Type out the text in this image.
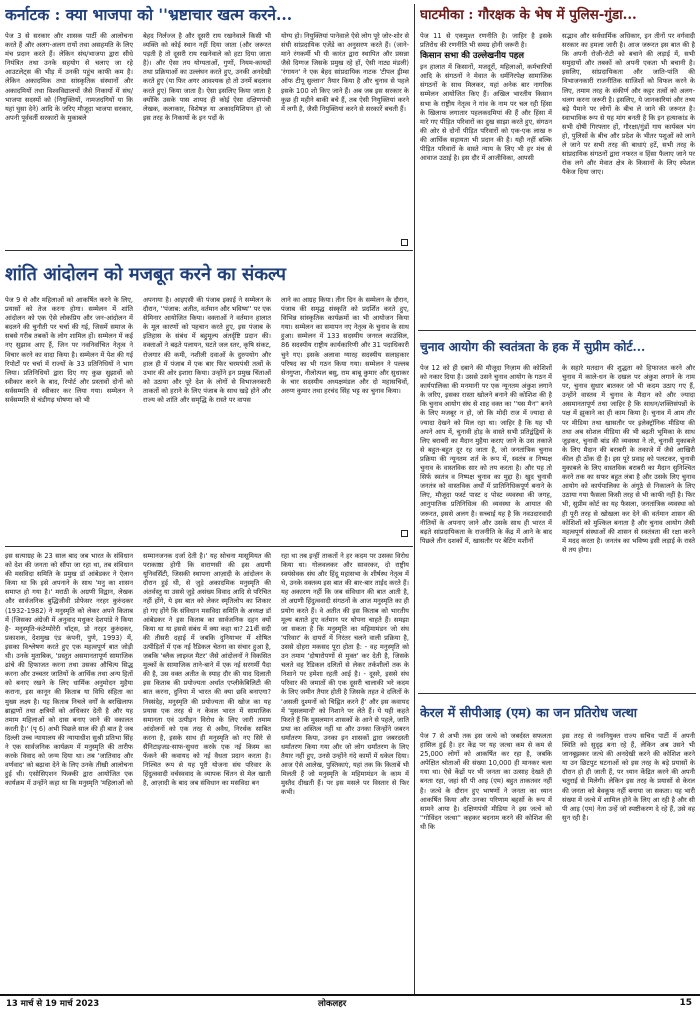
कर्नाटक : क्या भाजपा को ''भ्रष्टाचार खत्म करने...
पेज 3 से सरकार और शासक पार्टी की आलोचना करते हैं और अलग-अलग रायों तथा असहमति के लिए मंच प्रदान करते हैं। लेकिन संघ/भाजपा द्वारा सीधे नियंत्रित तथा उनके सहयोग से चलाए जा रहे आउटलेट्स की भीड़ में उनकी पहुंच काफी कम है। लेकिन अकादमिक तथा सांस्कृतिक संस्थानों और अकादमियों तथा विश्वविद्यालयों जैसे निकायों में संघ/भाजपा सदस्यों को (नियुक्तियों, नामजदगियों या कि यहां घुसा देने) आदि के जरिए मौजूदा भाजपा सरकार, अपनी पूर्ववर्ती सरकारों के मुकाबले
बेहद निर्लज्ज है और दूसरी राय रखनेवाले किसी भी व्यक्ति को कोई स्थान नहीं दिया जाता (और जरूरत पड़ती है तो दूसरी राय रखनेवाले को हटा दिया जाता है)। और ऐसा तय योग्यताओं, गुणों, नियम-कायदों तथा प्रक्रियाओं का उल्लंघन करते हुए, उनकी अनदेखी करते हुए (या फिर अगर आवश्यक हो तो उनमें बदलाव करते हुए) किया जाता है। ऐसा इसलिए किया जाता है क्योंकि उसके पास शायद ही कोई ऐसा दक्षिणपंथी लेखक, कलाकार, विशेषज्ञ या अकादमिशियन हो जो इस तरह के निकायों के इन पदों के
योग्य हो। नियुक्तियां पानेवाले ऐसे लोग पूरे जोर-शोर से संघी सांप्रदायिक एजेंडे का अनुसरण करते हैं। (जाने-माने रंगकर्मी भी यी कारंत द्वारा स्थापित और प्रसन्ना जैसे दिग्गज जिसके प्रमुख रहे हों, ऐसी नाट्य मंडली) 'रंगायन' ने एक बेहद सांप्रदायिक नाटक 'टीपल ड्रीम्स ऑफ टीपू सुल्तान' तैयार किया है और चुनाव से पहले इसके 100 शो किए जाने हैं। अब जब इस सरकार के कुछ ही महीने बाकी बचे हैं, तब ऐसी नियुक्तियां करने में लगी है, जैसी नियुक्तियां करने से सरकारें बचती हैं।
घाटमीका : गौरक्षक के भेष में पुलिस-गुंडा...

पेज 11 से एकमुश्त रणनीति है। जाहिर है इसके प्रतिरोध की रणनीति भी समग्र होनी जरूरी है।

किसान सभा की उल्लेखनीय पहल

इन हालात में किसानों, मजदूरों, महिलाओं, कर्मचारियों आदि के संगठनों ने मेवात के धर्मनिरपेक्ष सामाजिक संगठनों के साथ मिलकर, यहां अनेक बार नागरिक सम्मेलन आयोजित किए हैं। अखिल भारतीय किसान सभा के राष्ट्रीय नेतृत्व ने गांव के नाम पर चल रही हिंसा के खिलाफ लगातार पहलकदमियां की हैं और हिंसा में मारे गए पीड़ित परिवारों का दुख साझा करते हुए, संगठन की ओर से दोनों पीड़ित परिवारों को एक-एक लाख रु की आर्थिक सहायता भी प्रदान की है। यही नहीं बल्कि पीड़ित परिवारों के वास्ते न्याय के लिए भी हर मंच से आवाज उठाई है। इस दौर में आजीविका, आपसी

सद्भाव और सर्वधार्मिक अधिकार, इन तीनों पर वर्गवादी सरकार का हमला जारी है। आज जरूरत इस बात की है कि अपनी रोजी-रोटी को बचाने की लड़ाई में, सभी समुदायों और तबकों को अपनी एकता भी बचानी है। इसलिए, सांप्रदायिकता और जाति-पांति की विभाजनकारी राजनीतिक साजिशों को विफल करने के लिए, तमाम तरह के संकीर्ण और कट्टर तत्वों को अलग-थलग करना जरूरी है। इसलिए, ये जानकारियां और तथ्य बड़े पैमाने पर लोगों के बीच ले जाने की जरूरत है। स्वाभाविक रूप से यह मांग बनती है कि इन हत्याकांड के सभी दोषी गिरफ्तार हों, गौरक्षा/गुंडों गाय कार्यबल भंग हो, पुलिसों के बीच और प्रदेश के भीतर पशुओं को लाने ले जाने पर सभी तरह की बाधाएं हटें, सभी तरह के सांप्रदायिक संगठनों द्वारा नफरत व हिंसा फैलाए जाने पर रोक लगे और मेवात क्षेत्र के किसानों के लिए स्पेशल पैकेज दिया जाए।
शांति आंदोलन को मजबूत करने का संकल्प
पेज 9 से और महिलाओं को आकर्षित करने के लिए, प्रयासों को तेज करना होगा। सम्मेलन में शांति आंदोलन को एक ऐसे लोकप्रिय और जन-आंदोलन में बदलने की चुनौती पर चर्चा की गई, जिसमें समाज के सबसे गरीब तबकों के लोग शामिल हों। सम्मेलन में कई नए सुझाव आए हैं, जिन पर नवनिर्वाचित नेतृत्व ने विचार करने का वादा किया है। सम्मेलन में पेश की गई रिपोर्टों पर चर्चा में राज्यों के 33 प्रतिनिधियों ने भाग लिया। प्रतिनिधियों द्वारा दिए गए कुछ सुझावों को स्वीकार करने के बाद, रिपोर्ट और प्रस्तावों दोनों को सर्वसम्मति से स्वीकार कर लिया गया। सम्मेलन ने सर्वसम्मति से चंडीगढ़ घोषणा को भी
अपनाया है। आइएसी की पंजाब इकाई ने सम्मेलन के दौरान, ''पंजाब: अतीत, वर्तमान और भविष्य'' पर एक सेमिनार आयोजित किया। वक्ताओं ने वर्तमान हालात के मूल कारणों को पहचान करते हुए, इस पंजाब के इतिहास के संबंध में बहुमूल्य अंतर्दृष्टि प्रदान की। वक्ताओं ने बढ़ते पलायन, घटते जल स्तर, कृषि संकट, रोजगार की कमी, नशीली दवाओं के दुरुपयोग और हाल ही में पंजाब में एक बार फिर चरमपंथी तत्वों के उभार की ओर इशारा किया। उन्होंने इन प्रमुख चिंताओं को उठाया और पूरे देश के लोगों से विभाजनकारी ताकतों को हराने के लिए पंजाब के साथ खड़े होने और राज्य को शांति और समृद्धि के रास्ते पर वापस
लाने का आग्रह किया। तीन दिन के सम्मेलन के दौरान, पंजाब की समृद्ध संस्कृति को प्रदर्शित करते हुए, विभिन्न सांस्कृतिक कार्यक्रमों का भी आयोजन किया गया। सम्मेलन का समापन नए नेतृत्व के चुनाव के साथ हुआ। सम्मेलन में 133 सदस्यीय जनरल काउंसिल, 86 सदस्यीय राष्ट्रीय कार्यकारिणी और 31 पदाधिकारी चुने गए। इसके अलावा ग्यारह सदस्यीय सलाहकार परिषद का भी गठन किया गया। सम्मेलन ने पल्लब सेनगुप्ता, नीलोत्पल बसु, राम बाबू कुमार और सुधाकर के चार सदस्यीय अध्यक्षमंडल और दो महासचिवों, अरुण कुमार तथा हरचंद सिंह भट्ट का चुनाव किया।
चुनाव आयोग की स्वतंत्रता के हक में सुप्रीम कोर्ट...
पेज 12 को ही दबाने की मौजूदा निज़ाम की कोशिशों को नकार दिया है। उससे उसने चुनाव आयोग के गठन में कार्यपालिका की मनमानी पर एक न्यूनतम अंकुश लगाने के जरिए, इसका रास्ता खोलने बनाने की कोशिश की है कि चुनाव आयोग संघ से शाह वक्त का ''यस मैन'' बनने के लिए मजबूर न हो, जो कि मोदी राज में ज्यादा से ज्यादा देखने को मिल रहा था। जाहिर है कि यह भी अपने आप में, चुनावी होड़ के वास्ते सभी प्रतिद्वंद्वियों के लिए बराबरी का मैदान मुहैया कराए जाने के उस तकाजे से बहुत-बहुत दूर रह जाता है, जो जनतांत्रिक चुनाव प्रक्रिया की न्यूनतम शर्त के रूप में, स्वतंत्र व निष्पक्ष चुनाव के वास्तविक सार को तय करता है। और यह तो सिर्फ स्वतंत्र व निष्पक्ष चुनाव का मुद्दा है। खुद चुनावी जनतंत्र को वास्तविक अर्थों में प्रातिनिधिकपूर्ण बनाने के लिए, मौजूदा फर्स्ट पास्ट द पोस्ट व्यवस्था की जगह, आनुपातिक प्रतिनिधित्व की व्यवस्था के आयात की जरूरत, इससे अलग है। सच्चाई यह है कि नवउदारवादी नीतियों के अपनाए जाने और उसके साथ ही भारत में बढ़ते सांप्रदायिकता के राजनीति के केंद्र में आने के बाद पिछले तीन दशकों में, खासतौर पर बेटिंग मशीनों
के सहारे मतदान की शुद्धता को हिफाजत करने और चुनाव में काले-धन के दखल पर अंकुश लगाने के नाम पर, चुनाव सुधार बातकर जो भी कदम उठाए गए हैं, उन्होंने वास्तव में चुनाव के मैदान को और ज्यादा असमानतापूर्ण तथा जाहिर है कि साधन/शक्तिसंपन्नों के पक्ष में झुकाने का ही काम किया है। चुनाव में आम तौर पर मीडिया तथा खासतौर पर इलेक्ट्रॉनिक मीडिया की तथा अब सोशल मीडिया की भी बढ़ती भूमिका के साथ जुड़कर, चुनावी बांड की व्यवस्था ने तो, चुनावी मुकाबले के लिए मैदान की बराबरी के तकाजे में जैसे आखिरी कील ही ठोंक दी है। इस पूरे प्रवाह को पलटकर, चुनावी मुकाबले के लिए वास्तविक बराबरी का मैदान सुनिश्चित करने तक का सफर बहुत लंबा है और उसके लिए चुनाव आयोग को कार्यपालिका के अंगूठे से निकालने के लिए उठाया गया फैसला किसी तरह से भी काफी नहीं है। फिर भी, सुप्रीम कोर्ट का यह फैसला, जनतांत्रिक व्यवस्था को ही पूरी तरह से खोखला कर देने की वर्तमान शासन की कोशिशों को मुश्किल बनाता है और चुनाव आयोग जैसी महत्वपूर्ण संस्थाओं की शासन से स्वतंत्रता की रक्षा करने में मदद करता है। जनतंत्र का भविष्य इसी लड़ाई के रास्ते से तय होगा।
इस सत्याग्रह के 23 साल बाद जब भारत के संविधान को देश की जनता को सौंपा जा रहा था, तब संविधान की मसविदा समिति के प्रमुख डॉ आंबेडकर ने ऐलान किया था कि इसे अपनाने के साथ 'मनु का शासन समाप्त हो गया है।' मराठी के अग्रणी विद्वान, लेखक और सार्वजनिक बुद्धिजीवी प्रोफेसर नरहर कुरुंदकर (1932-1982) ने मनुस्मृति को लेकर अपने किताब में (जिसका अंग्रेजी में अनुवाद मधुकर देशपांडे ने किया है- मनुस्मृति-कंटेम्पोरेरी थॉट्स, प्रो नरहर कुरुंदकर, प्रकाशक, देशमुख एंड कंपनी, पुणे, 1993) में, इसका विश्लेषण करते हुए एक महत्वपूर्ण बात जोड़ी थी। उनके मुताबिक, 'प्रस्तुत असमानतापूर्ण सामाजिक ढांचे की हिफाजत करना तथा उसका औचित्य सिद्ध करना और उच्चतर जातियों के आर्थिक तथा अन्य हितों को बनाए रखने के लिए धार्मिक अनुमोदन मुहैया कराना, इस कानून की किताब या विधि संहिता का मुख्य लक्ष्य है। यह किताब निचले वर्गों के बरखिलाफ ब्राह्मणों तथा क्षत्रियों को अधिकार देती है और यह तमाम महिलाओं को दास बनाए जाने की वकालत करती है।' (पृ 6) अभी पिछले साल की ही बात है जब दिल्ली उच्च न्यायालय की न्यायाधीश सुश्री प्रतिभा सिंह ने एक सार्वजनिक कार्यक्रम में मनुस्मृति की तारीफ करके विवाद को जन्म दिया था। तब 'जातिवाद और वर्णवाद' को बढ़ावा देने के लिए उनके तीखी आलोचना हुई थी। एसोसिएशन फिक्की द्वारा आयोजित एक कार्यक्रम में उन्होंने कहा था कि मनुस्मृति 'महिलाओं को
सम्मानजनक दर्जा देती है।' यह सोचना मासूमियत की पराकाष्ठा होगी कि वाराणसी की इस अग्रणी यूनिवर्सिटी, जिसकी स्थापना आज़ादी के आंदोलन के दौरान हुई थी, से जुड़े अकादमिक मनुस्मृति की अंतर्वस्तु या उससे जुड़े असंख्य विवाद आदि से परिचित नहीं होंगे, ये इस बात को लेकर स्मृतिलोप का शिकार हो गए होंगे कि संविधान मसविदा समिति के अध्यक्ष डॉ आंबेडकर ने इस किताब का सार्वजनिक दहन क्यों किया था या इससे संबंध में क्या कहा था? 21वीं सदी की तीसरी दहाई में जबकि दुनियाभर में शोषित उत्पीड़ितों में एक नई रैडिकल चेतना का संचार हुआ है, जबकि 'ब्लैक लाइव्ज मैटर' जैसे आंदोलनों ने विकसित मुल्कों के सामाजिक ताने-बाने में एक नई सरगर्मी पैदा की है, उस वक्त अतीत के स्याह दौर की याद दिलाती इस किताब की प्रयोज्यता अर्थात एप्लीकेबिलिटी की बात करना, दुनिया में भारत की क्या छवि बनाएगा? निस्संदेह, मनुस्मृति की प्रयोज्यता की खोज का यह प्रयास एक तरह से न केवल भारत में सामाजिक समानता एवं उत्पीड़न विरोध के लिए जारी तमाम आंदोलनों को एक तरह से अवैध, निरर्थक साबित करना है, इसके साथ ही मनुस्मृति को नए सिरे से सैनिटाइजड-साफ-सुथरा करके एक नई किस्म का फेंकने की कवायद को नई वैधता प्रदान करता है। निश्चित रूप से यह पूरी योजना संघ परिवार के हिंदुत्ववादी वर्चस्ववाद के व्यापक चिंतन से मेल खाती है, आज़ादी के बाद जब संविधान का मसविदा बन
रहा था तब इन्हीं ताकतों ने हर कदम पर उसका विरोध किया था। गोलवलकर और सावरकर, दो राष्ट्रीय स्वयंसेवक संघ और हिंदू महासभा के शीर्षस्थ नेतृत्व में थे, उनके वक्तव्य इस बात की बार-बार ताईद करते हैं। यह अकारण नहीं कि जब संविधान की बात आती है, तो अग्रणी हिंदुत्ववादी संगठनों के आज मनुस्मृति का ही प्रयोग करते हैं। वे अतीत की इस किताब को भारतीय मूल्य बताते हुए वर्तमान पर थोपना चाहते हैं। समझा जा सकता है कि मनुस्मृति का महिमामंडन जो संघ 'परिवार' के दायरों में निरंतर चलने वाली प्रक्रिया है, उससे दोहरा मकसद पूरा होता है: - वह मनुस्मृति को उन तमाम 'दोषारोपणों से मुक्त' कर देती है, जिसके चलते वह रैडिकल दलितों से लेकर तर्कशीलों तक के निशाने पर हमेशा रहती आई है। - दूसरे, इससे संघ परिवार की जमातों की एक दूसरी चालाकी भरे कदम के लिए जमीन तैयार होती है जिसके तहत वे दलितों के 'असली दुश्मनों को चिह्नित करने हैं' और इस कवायद में 'मुसलमानों' को निशाने पर लेते हैं। ये यही कहते फिरते हैं कि मुसलमान शासकों के आने से पहले, जाति प्रथा का अस्तित्व नहीं था और उनका जिन्होंने जबरन धर्मांतरण किया, उनका इन शासकों द्वारा जबरदस्ती धर्मांतरण किया गया और जो लोग धर्मांतरण के लिए तैयार नहीं हुए, उनसे उन्होंने गंदे कामों में धकेल दिया। आज ऐसे आलेख, पुस्तिकाएं, यहां तक कि किताबें भी मिलती हैं जो मनुस्मृति के महिमामंडन के काम में मुस्तैद दीखती हैं। पर इस मसले पर विस्तार से फिर कभी।
केरल में सीपीआइ (एम) का जन प्रतिरोध जत्था
पेज 7 से अभी तक इस जत्थे को जबर्दस्त सफलता हासिल हुई है। हर केंद्र पर यह जत्था कम से कम से 25,000 लोगों को आकर्षित कर रहा है, जबकि अपेक्षित श्रोताओं की संख्या 10,000 ही मानकर चला गया था। ऐसे केंद्रों पर भी जनता का उत्साह देखते ही बनता रहा, जहां सी पी आइ (एम) बहुत ताकतवर नहीं है। जत्थे के दौरान हुए भाषणों ने जनता का ध्यान आकर्षित किया और उनका परिणाम बहसों के रूप में सामने आया है। दक्षिणपंथी मीडिया ने इस जत्थे को ''गोविंदन जत्था'' कहकर बदनाम करने की कोशिश की थी कि
इस तरह से नवनियुक्त राज्य सचिव पार्टी में अपनी स्थिति को सुदृढ़ बना रहे हैं, लेकिन अब उसने भी जानबूझकर जत्थे की अनदेखी करने की कोशिश करने या उन छिटपुट घटनाओं को इस तरह के बड़े प्रयासों के दौरान हो ही जाती हैं, पर ध्यान केंद्रित करने की अपनी चतुराई से मिलेगी। लेकिन इस तरह के प्रयासों से केरल की जनता को बेवकूफ नहीं बनाया जा सकता। यह भारी संख्या में जत्थे में शामिल होने के लिए आ रही है और सी पी आइ (एम) नेता उन्हें जो स्पष्टीकरण दे रहे हैं, उसे वह सुन रही है।
13 मार्च से 19 मार्च 2023	लोकलहर	15
